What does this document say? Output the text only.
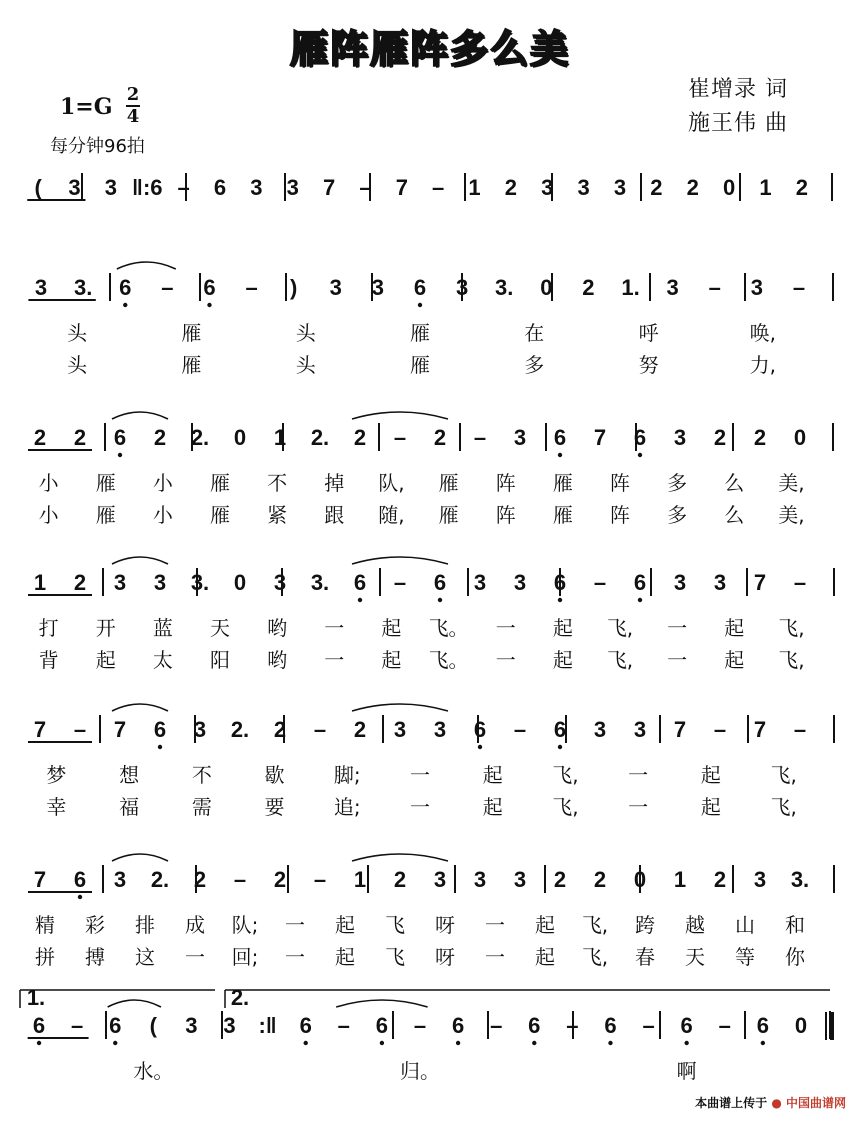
雁阵雁阵多么美
崔增录 词
施王伟 曲
1=G 2
4
每分钟96拍
( 3 3 ‖:6 – 6 3 3 7 – 7 – 1 2 3 3 3 2 2 0 1 2
3 3. 6 – 6 – ) 3 3 6 3 3. 0 2 1. 3 – 3 –
头	雁	头	雁	在	呼	唤,
头	雁	头	雁	多	努	力,
2 2 6 2 2. 0 1 2. 2 – 2 – 3 6 7 6 3 2 2 0
小 雁 小 雁 不 掉 队, 雁 阵 雁 阵 多 么 美,
小 雁 小 雁 紧 跟 随, 雁 阵 雁 阵 多 么 美,
1 2 3 3 3. 0 3 3. 6 – 6 3 3 6 – 6 3 3 7 –
打 开 蓝 天 哟 一 起 飞。 一 起 飞, 一 起 飞,
背 起 太 阳 哟 一 起 飞。 一 起 飞, 一 起 飞,
7 – 7 6 3 2. 2 – 2 3 3 6 – 6 3 3 7 – 7 –
梦	想	不	歇 脚; 一	起 飞, 一	起 飞,
幸	福	需	要 追; 一	起 飞, 一	起 飞,
7 6 3 2. 2 – 2 – 1 2 3 3 3 2 2 0 1 2 3 3.
精 彩 排 成 队; 一 起 飞 呀 一 起 飞, 跨 越 山 和
拼 搏 这 一 回; 一 起 飞 呀 一 起 飞, 春 天 等 你
6 – 6 ( 3 3 :‖ 6 – 6 – 6 – 6 – 6 – 6 – 6 0
水。	归。	啊
1.	2.
本曲谱上传于 ● 中国曲谱网
